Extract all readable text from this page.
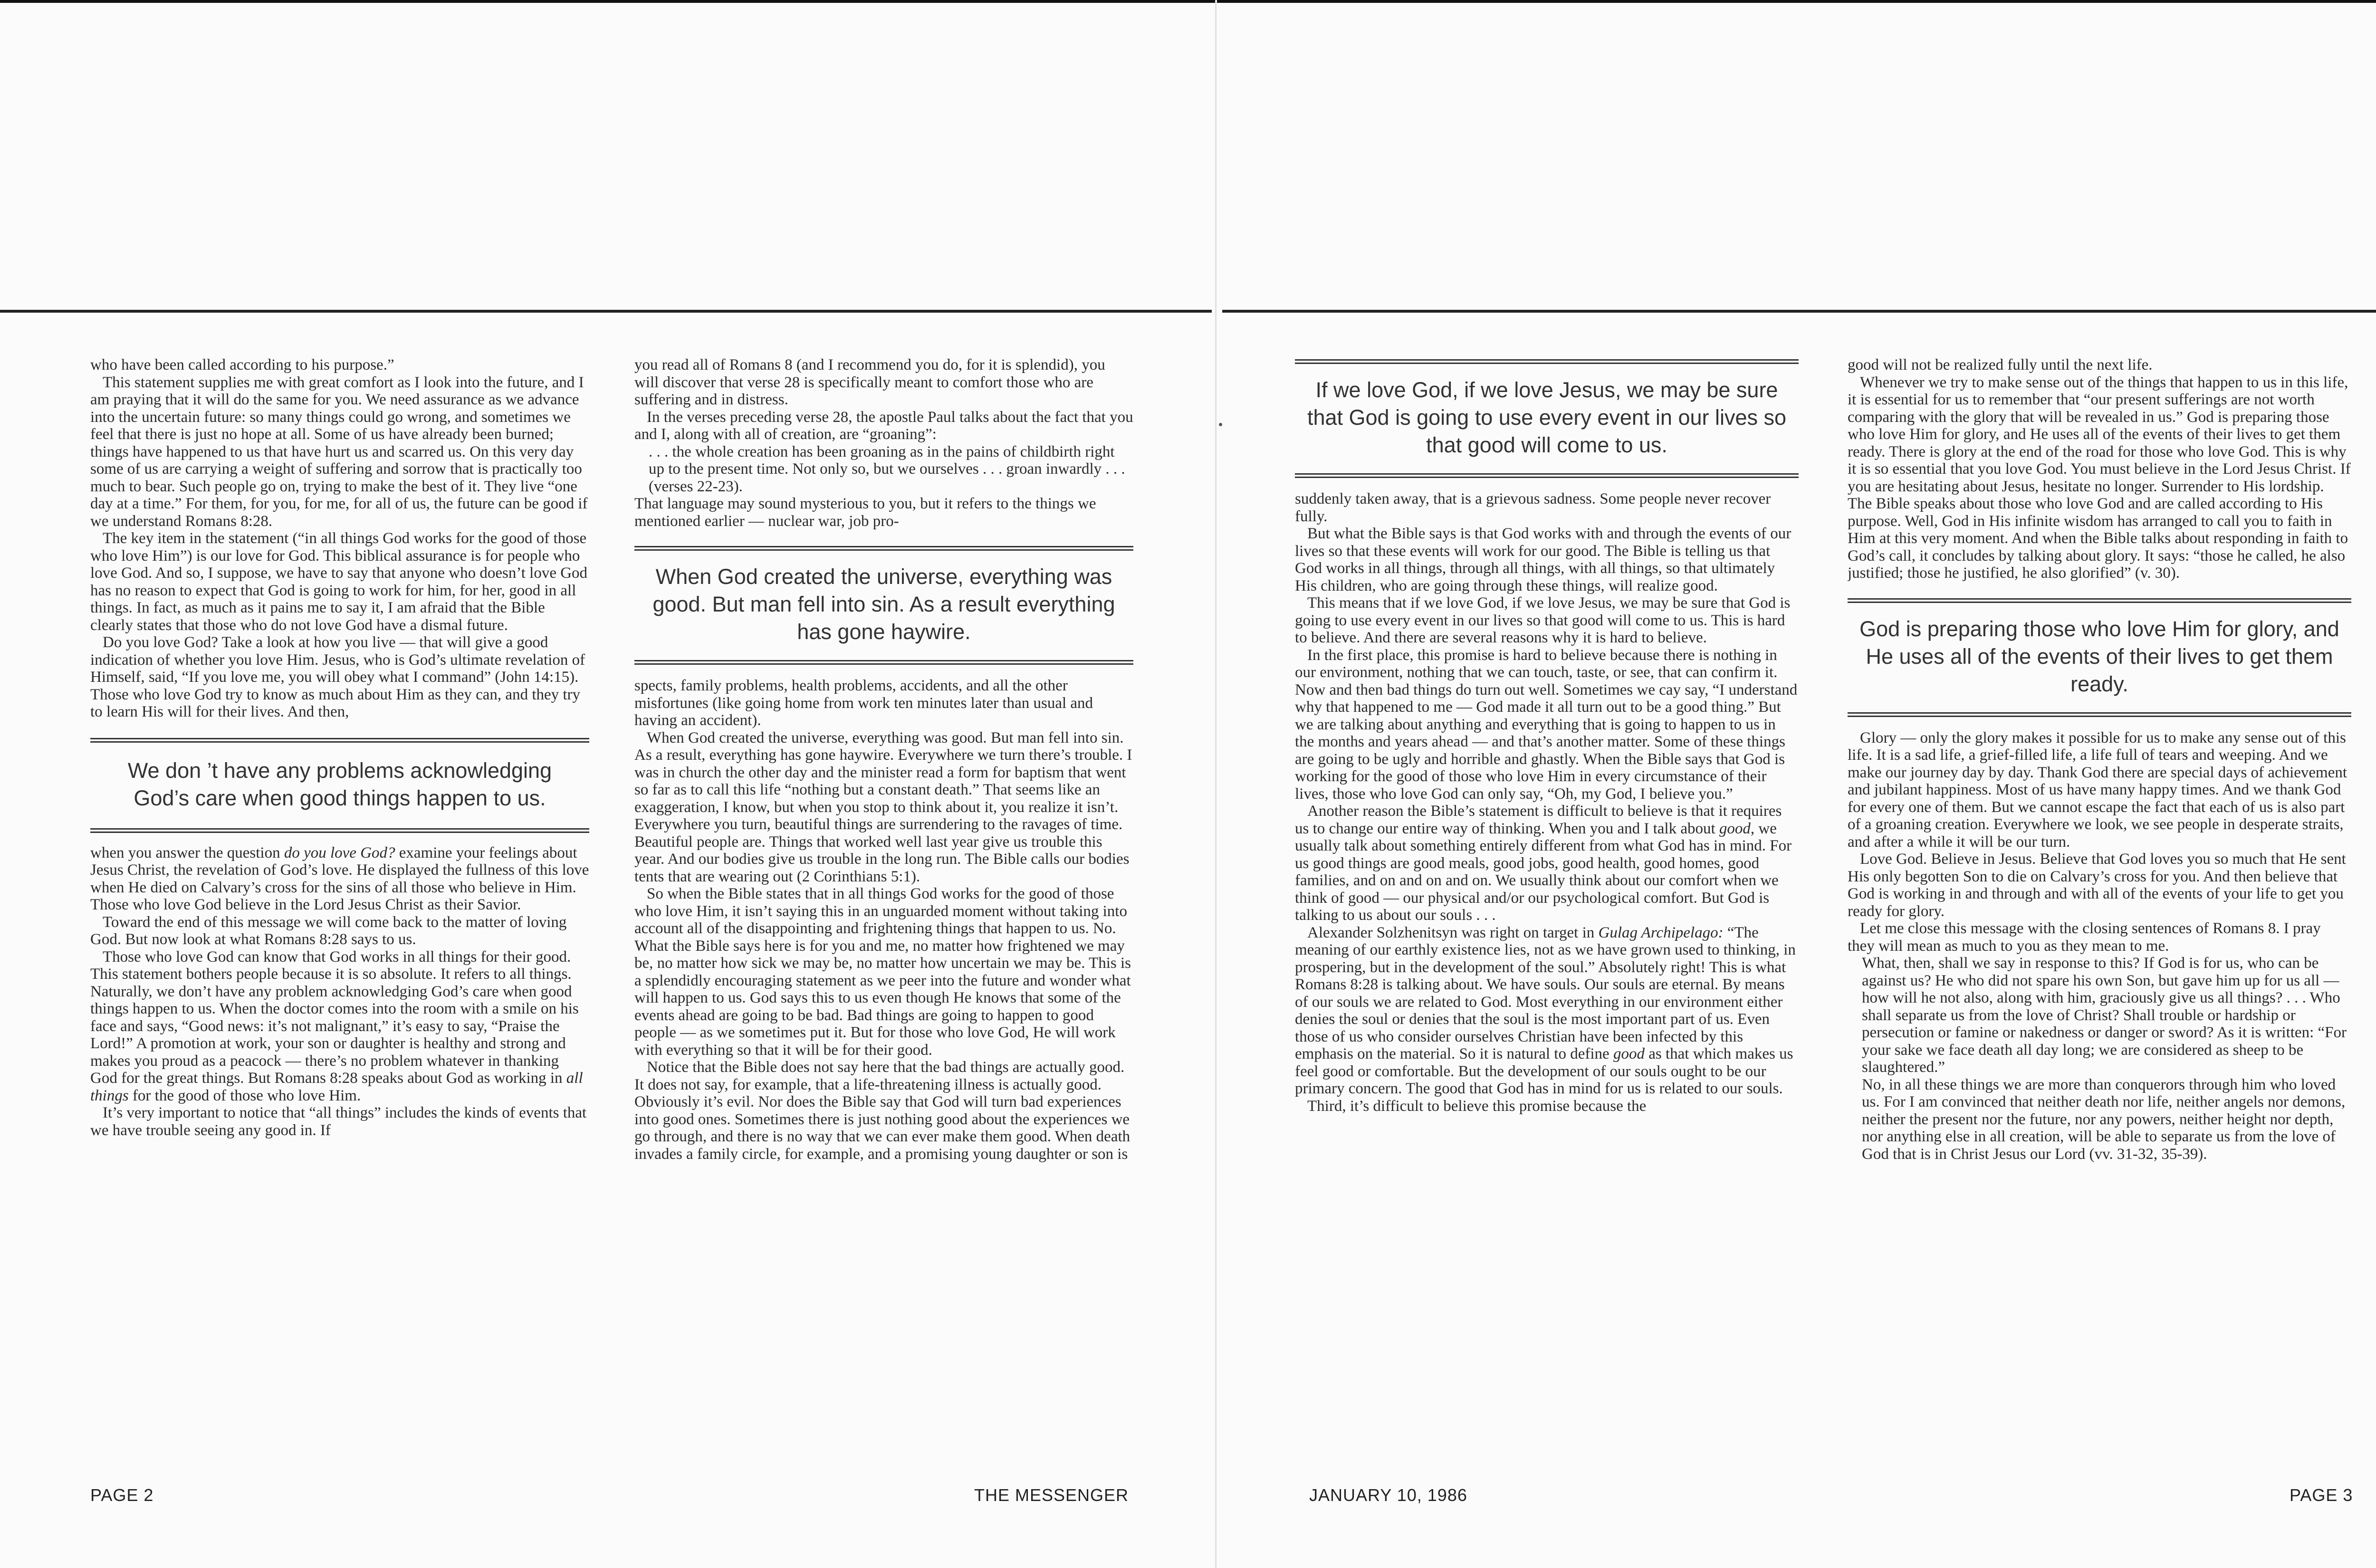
who have been called according to his purpose.”

This statement supplies me with great comfort as I look into the future, and I am praying that it will do the same for you. We need assurance as we advance into the uncertain future: so many things could go wrong, and sometimes we feel that there is just no hope at all. Some of us have already been burned; things have happened to us that have hurt us and scarred us. On this very day some of us are carrying a weight of suffering and sorrow that is practically too much to bear. Such people go on, trying to make the best of it. They live “one day at a time.” For them, for you, for me, for all of us, the future can be good if we understand Romans 8:28.

The key item in the statement (“in all things God works for the good of those who love Him”) is our love for God. This biblical assurance is for people who love God. And so, I suppose, we have to say that anyone who doesn’t love God has no reason to expect that God is going to work for him, for her, good in all things. In fact, as much as it pains me to say it, I am afraid that the Bible clearly states that those who do not love God have a dismal future.

Do you love God? Take a look at how you live — that will give a good indication of whether you love Him. Jesus, who is God’s ultimate revelation of Himself, said, “If you love me, you will obey what I command” (John 14:15). Those who love God try to know as much about Him as they can, and they try to learn His will for their lives. And then,

We don ’t have any problems acknowledging God’s care when good things happen to us.

when you answer the question do you love God? examine your feelings about Jesus Christ, the revelation of God’s love. He displayed the fullness of this love when He died on Calvary’s cross for the sins of all those who believe in Him. Those who love God believe in the Lord Jesus Christ as their Savior.

Toward the end of this message we will come back to the matter of loving God. But now look at what Romans 8:28 says to us.

Those who love God can know that God works in all things for their good. This statement bothers people because it is so absolute. It refers to all things. Naturally, we don’t have any problem acknowledging God’s care when good things happen to us. When the doctor comes into the room with a smile on his face and says, “Good news: it’s not malignant,” it’s easy to say, “Praise the Lord!” A promotion at work, your son or daughter is healthy and strong and makes you proud as a peacock — there’s no problem whatever in thanking God for the great things. But Romans 8:28 speaks about God as working in all things for the good of those who love Him.

It’s very important to notice that “all things” includes the kinds of events that we have trouble seeing any good in. If

you read all of Romans 8 (and I recommend you do, for it is splendid), you will discover that verse 28 is specifically meant to comfort those who are suffering and in distress.

In the verses preceding verse 28, the apostle Paul talks about the fact that you and I, along with all of creation, are “groaning”:

. . . the whole creation has been groaning as in the pains of childbirth right up to the present time. Not only so, but we ourselves . . . groan inwardly . . . (verses 22-23).

That language may sound mysterious to you, but it refers to the things we mentioned earlier — nuclear war, job pro-

When God created the universe, everything was good. But man fell into sin. As a result everything has gone haywire.

spects, family problems, health problems, accidents, and all the other misfortunes (like going home from work ten minutes later than usual and having an accident).

When God created the universe, everything was good. But man fell into sin. As a result, everything has gone haywire. Everywhere we turn there’s trouble. I was in church the other day and the minister read a form for baptism that went so far as to call this life “nothing but a constant death.” That seems like an exaggeration, I know, but when you stop to think about it, you realize it isn’t. Everywhere you turn, beautiful things are surrendering to the ravages of time. Beautiful people are. Things that worked well last year give us trouble this year. And our bodies give us trouble in the long run. The Bible calls our bodies tents that are wearing out (2 Corinthians 5:1).

So when the Bible states that in all things God works for the good of those who love Him, it isn’t saying this in an unguarded moment without taking into account all of the disappointing and frightening things that happen to us. No. What the Bible says here is for you and me, no matter how frightened we may be, no matter how sick we may be, no matter how uncertain we may be. This is a splendidly encouraging statement as we peer into the future and wonder what will happen to us. God says this to us even though He knows that some of the events ahead are going to be bad. Bad things are going to happen to good people — as we sometimes put it. But for those who love God, He will work with everything so that it will be for their good.

Notice that the Bible does not say here that the bad things are actually good. It does not say, for example, that a life-threatening illness is actually good. Obviously it’s evil. Nor does the Bible say that God will turn bad experiences into good ones. Sometimes there is just nothing good about the experiences we go through, and there is no way that we can ever make them good. When death invades a family circle, for example, and a promising young daughter or son is

If we love God, if we love Jesus, we may be sure that God is going to use every event in our lives so that good will come to us.

suddenly taken away, that is a grievous sadness. Some people never recover fully.

But what the Bible says is that God works with and through the events of our lives so that these events will work for our good. The Bible is telling us that God works in all things, through all things, with all things, so that ultimately His children, who are going through these things, will realize good.

This means that if we love God, if we love Jesus, we may be sure that God is going to use every event in our lives so that good will come to us. This is hard to believe. And there are several reasons why it is hard to believe.

In the first place, this promise is hard to believe because there is nothing in our environment, nothing that we can touch, taste, or see, that can confirm it. Now and then bad things do turn out well. Sometimes we cay say, “I understand why that happened to me — God made it all turn out to be a good thing.” But we are talking about anything and everything that is going to happen to us in the months and years ahead — and that’s another matter. Some of these things are going to be ugly and horrible and ghastly. When the Bible says that God is working for the good of those who love Him in every circumstance of their lives, those who love God can only say, “Oh, my God, I believe you.”

Another reason the Bible’s statement is difficult to believe is that it requires us to change our entire way of thinking. When you and I talk about good, we usually talk about something entirely different from what God has in mind. For us good things are good meals, good jobs, good health, good homes, good families, and on and on and on. We usually think about our comfort when we think of good — our physical and/or our psychological comfort. But God is talking to us about our souls . . .

Alexander Solzhenitsyn was right on target in Gulag Archipelago: “The meaning of our earthly existence lies, not as we have grown used to thinking, in prospering, but in the development of the soul.” Absolutely right! This is what Romans 8:28 is talking about. We have souls. Our souls are eternal. By means of our souls we are related to God. Most everything in our environment either denies the soul or denies that the soul is the most important part of us. Even those of us who consider ourselves Christian have been infected by this emphasis on the material. So it is natural to define good as that which makes us feel good or comfortable. But the development of our souls ought to be our primary concern. The good that God has in mind for us is related to our souls.

Third, it’s difficult to believe this promise because the

good will not be realized fully until the next life.

Whenever we try to make sense out of the things that happen to us in this life, it is essential for us to remember that “our present sufferings are not worth comparing with the glory that will be revealed in us.” God is preparing those who love Him for glory, and He uses all of the events of their lives to get them ready. There is glory at the end of the road for those who love God. This is why it is so essential that you love God. You must believe in the Lord Jesus Christ. If you are hesitating about Jesus, hesitate no longer. Surrender to His lordship. The Bible speaks about those who love God and are called according to His purpose. Well, God in His infinite wisdom has arranged to call you to faith in Him at this very moment. And when the Bible talks about responding in faith to God’s call, it concludes by talking about glory. It says: “those he called, he also justified; those he justified, he also glorified” (v. 30).

God is preparing those who love Him for glory, and He uses all of the events of their lives to get them ready.

Glory — only the glory makes it possible for us to make any sense out of this life. It is a sad life, a grief-filled life, a life full of tears and weeping. And we make our journey day by day. Thank God there are special days of achievement and jubilant happiness. Most of us have many happy times. And we thank God for every one of them. But we cannot escape the fact that each of us is also part of a groaning creation. Everywhere we look, we see people in desperate straits, and after a while it will be our turn.

Love God. Believe in Jesus. Believe that God loves you so much that He sent His only begotten Son to die on Calvary’s cross for you. And then believe that God is working in and through and with all of the events of your life to get you ready for glory.

Let me close this message with the closing sentences of Romans 8. I pray they will mean as much to you as they mean to me.

What, then, shall we say in response to this? If God is for us, who can be against us? He who did not spare his own Son, but gave him up for us all — how will he not also, along with him, graciously give us all things? . . . Who shall separate us from the love of Christ? Shall trouble or hardship or persecution or famine or nakedness or danger or sword? As it is written: “For your sake we face death all day long; we are considered as sheep to be slaughtered.”

No, in all these things we are more than conquerors through him who loved us. For I am convinced that neither death nor life, neither angels nor demons, neither the present nor the future, nor any powers, neither height nor depth, nor anything else in all creation, will be able to separate us from the love of God that is in Christ Jesus our Lord (vv. 31-32, 35-39).

PAGE 2	THE MESSENGER	JANUARY 10, 1986	PAGE 3
